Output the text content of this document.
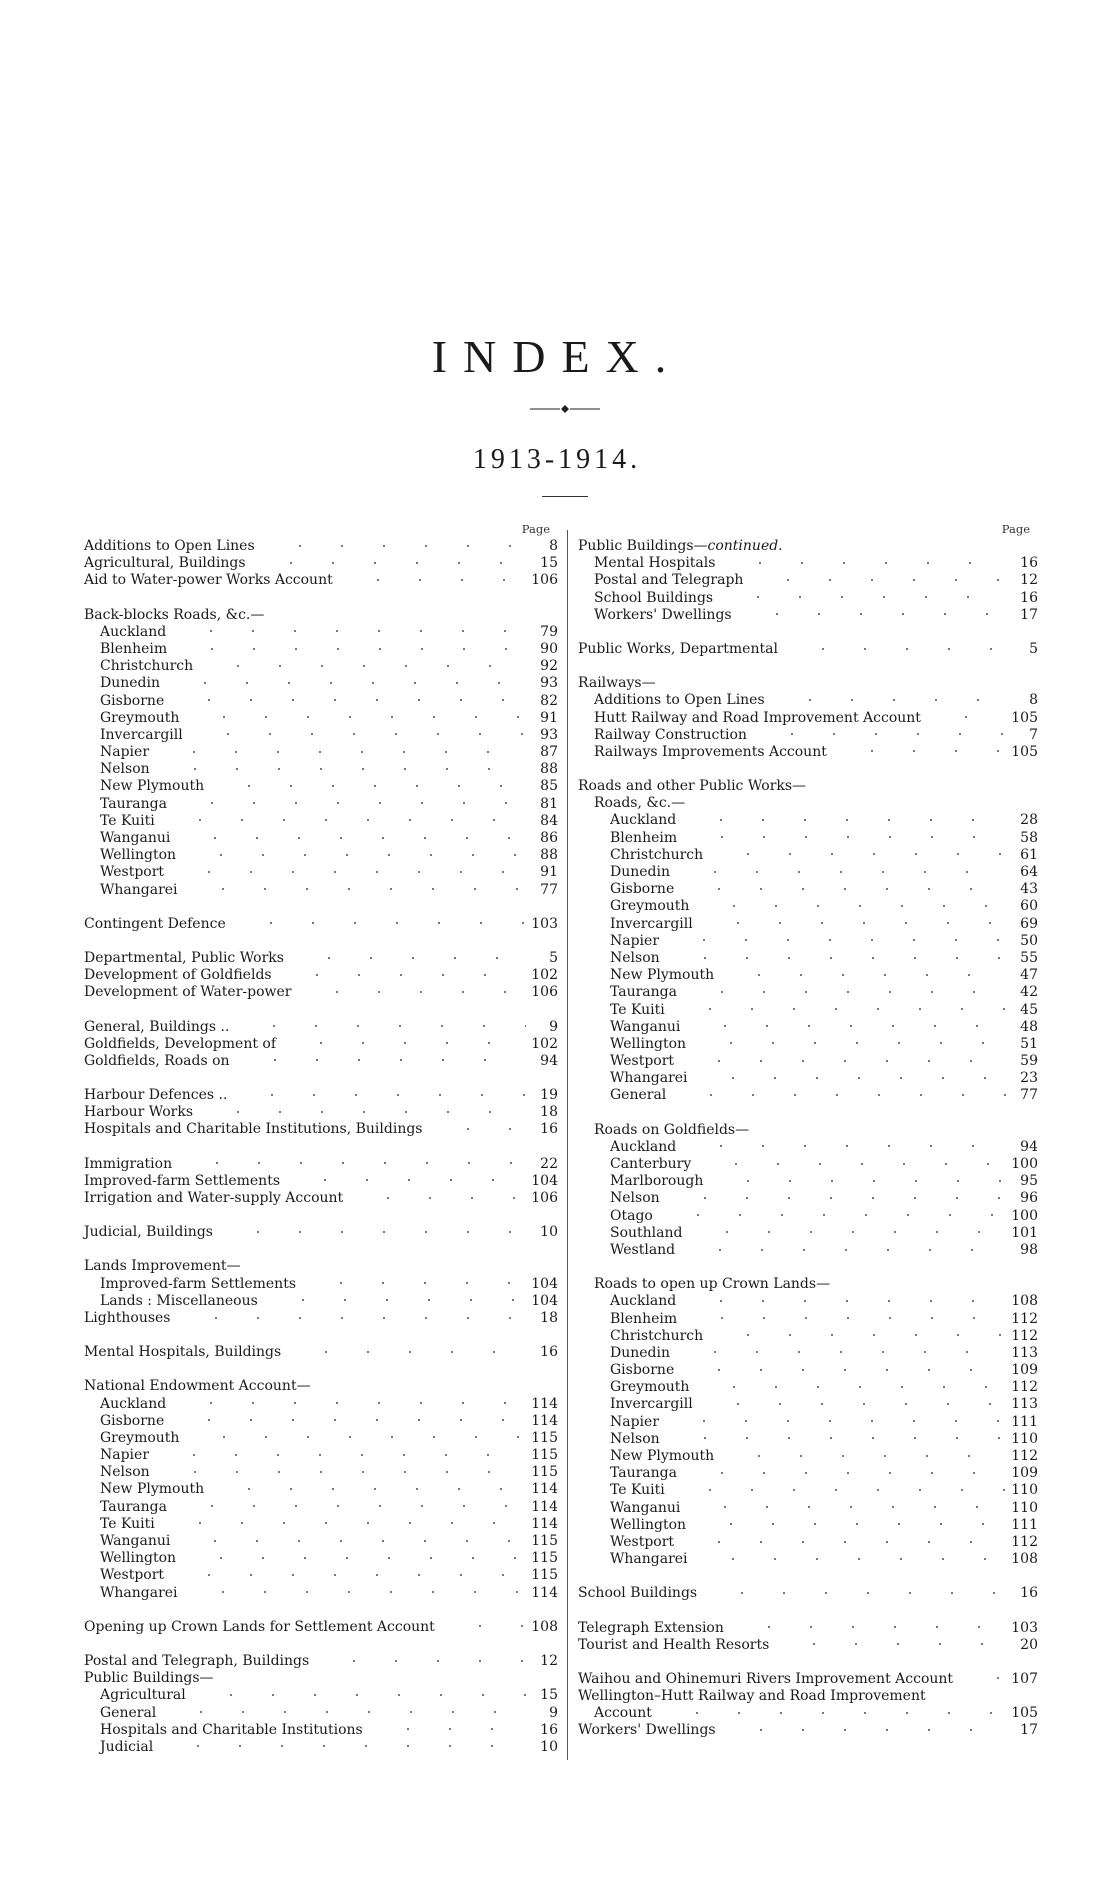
INDEX.
1913-1914.
Page
Additions to Open Lines	8
Agricultural, Buildings	15
Aid to Water-power Works Account	106
Back-blocks Roads, &c.—
Auckland	79
Blenheim	90
Christchurch	92
Dunedin	93
Gisborne	82
Greymouth	91
Invercargill	93
Napier	87
Nelson	88
New Plymouth	85
Tauranga	81
Te Kuiti	84
Wanganui	86
Wellington	88
Westport	91
Whangarei	77
Contingent Defence	103
Departmental, Public Works	5
Development of Goldfields	102
Development of Water-power	106
General, Buildings ..	9
Goldfields, Development of	102
Goldfields, Roads on	94
Harbour Defences ..	19
Harbour Works	18
Hospitals and Charitable Institutions, Buildings	16
Immigration	22
Improved-farm Settlements	104
Irrigation and Water-supply Account	106
Judicial, Buildings	10
Lands Improvement—
Improved-farm Settlements	104
Lands : Miscellaneous	104
Lighthouses	18
Mental Hospitals, Buildings	16
National Endowment Account—
Auckland	114
Gisborne	114
Greymouth	115
Napier	115
Nelson	115
New Plymouth	114
Tauranga	114
Te Kuiti	114
Wanganui	115
Wellington	115
Westport	115
Whangarei	114
Opening up Crown Lands for Settlement Account	108
Postal and Telegraph, Buildings	12
Public Buildings—
Agricultural	15
General	9
Hospitals and Charitable Institutions	16
Judicial	10
Page
Public Buildings— continued.
Mental Hospitals	16
Postal and Telegraph	12
School Buildings	16
Workers' Dwellings	17
Public Works, Departmental	5
Railways—
Additions to Open Lines	8
Hutt Railway and Road Improvement Account	105
Railway Construction	7
Railways Improvements Account	105
Roads and other Public Works—
Roads, &c.—
Auckland	28
Blenheim	58
Christchurch	61
Dunedin	64
Gisborne	43
Greymouth	60
Invercargill	69
Napier	50
Nelson	55
New Plymouth	47
Tauranga	42
Te Kuiti	45
Wanganui	48
Wellington	51
Westport	59
Whangarei	23
General	77
Roads on Goldfields—
Auckland	94
Canterbury	100
Marlborough	95
Nelson	96
Otago	100
Southland	101
Westland	98
Roads to open up Crown Lands—
Auckland	108
Blenheim	112
Christchurch	112
Dunedin	113
Gisborne	109
Greymouth	112
Invercargill	113
Napier	111
Nelson	110
New Plymouth	112
Tauranga	109
Te Kuiti	110
Wanganui	110
Wellington	111
Westport	112
Whangarei	108
School Buildings	16
Telegraph Extension	103
Tourist and Health Resorts	20
Waihou and Ohinemuri Rivers Improvement Account	107
Wellington–Hutt Railway and Road Improvement
Account	105
Workers' Dwellings	17
